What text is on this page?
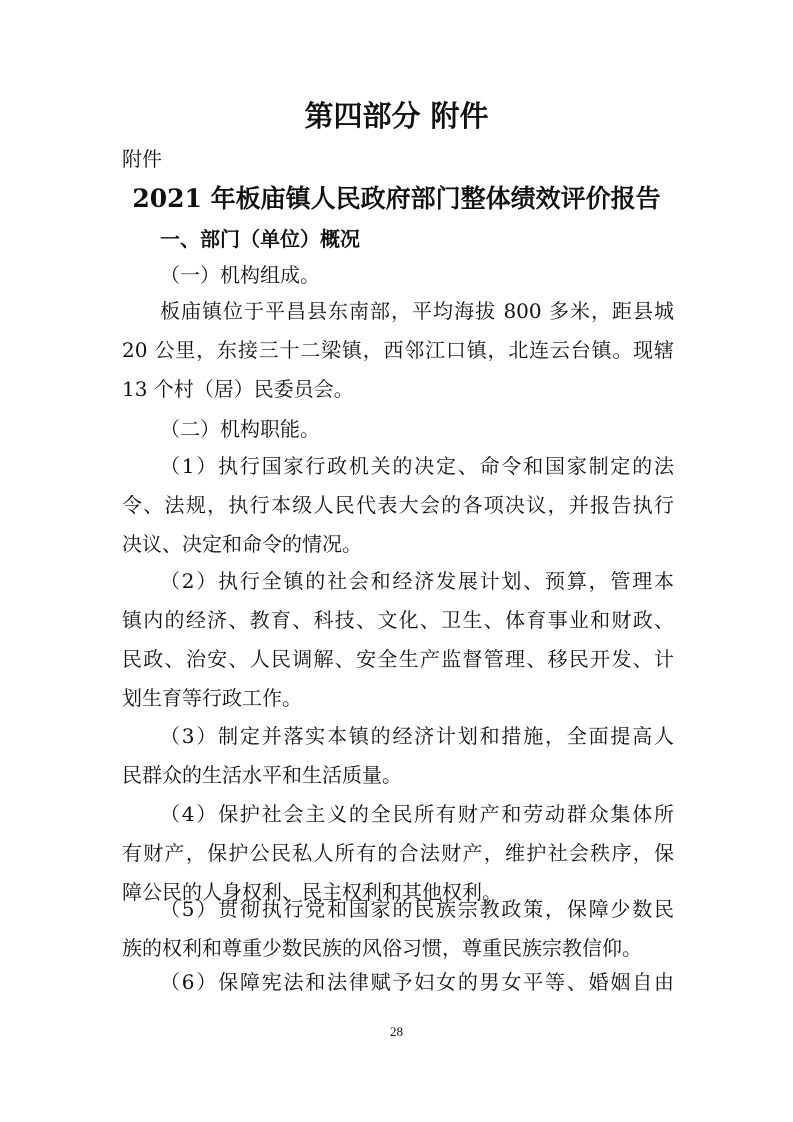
第四部分 附件
附件
2021 年板庙镇人民政府部门整体绩效评价报告
一、部门（单位）概况
（一）机构组成。
板庙镇位于平昌县东南部，平均海拔 800 多米，距县城
20 公里，东接三十二梁镇，西邻江口镇，北连云台镇。现辖
13 个村（居）民委员会。
（二）机构职能。
（1）执行国家行政机关的决定、命令和国家制定的法
令、法规，执行本级人民代表大会的各项决议，并报告执行
决议、决定和命令的情况。
（2）执行全镇的社会和经济发展计划、预算，管理本
镇内的经济、教育、科技、文化、卫生、体育事业和财政、
民政、治安、人民调解、安全生产监督管理、移民开发、计
划生育等行政工作。
（3）制定并落实本镇的经济计划和措施，全面提高人
民群众的生活水平和生活质量。
（4）保护社会主义的全民所有财产和劳动群众集体所
有财产，保护公民私人所有的合法财产，维护社会秩序，保
障公民的人身权利、民主权利和其他权利。
（5）贯彻执行党和国家的民族宗教政策，保障少数民
族的权利和尊重少数民族的风俗习惯，尊重民族宗教信仰。
（6）保障宪法和法律赋予妇女的男女平等、婚姻自由
28
